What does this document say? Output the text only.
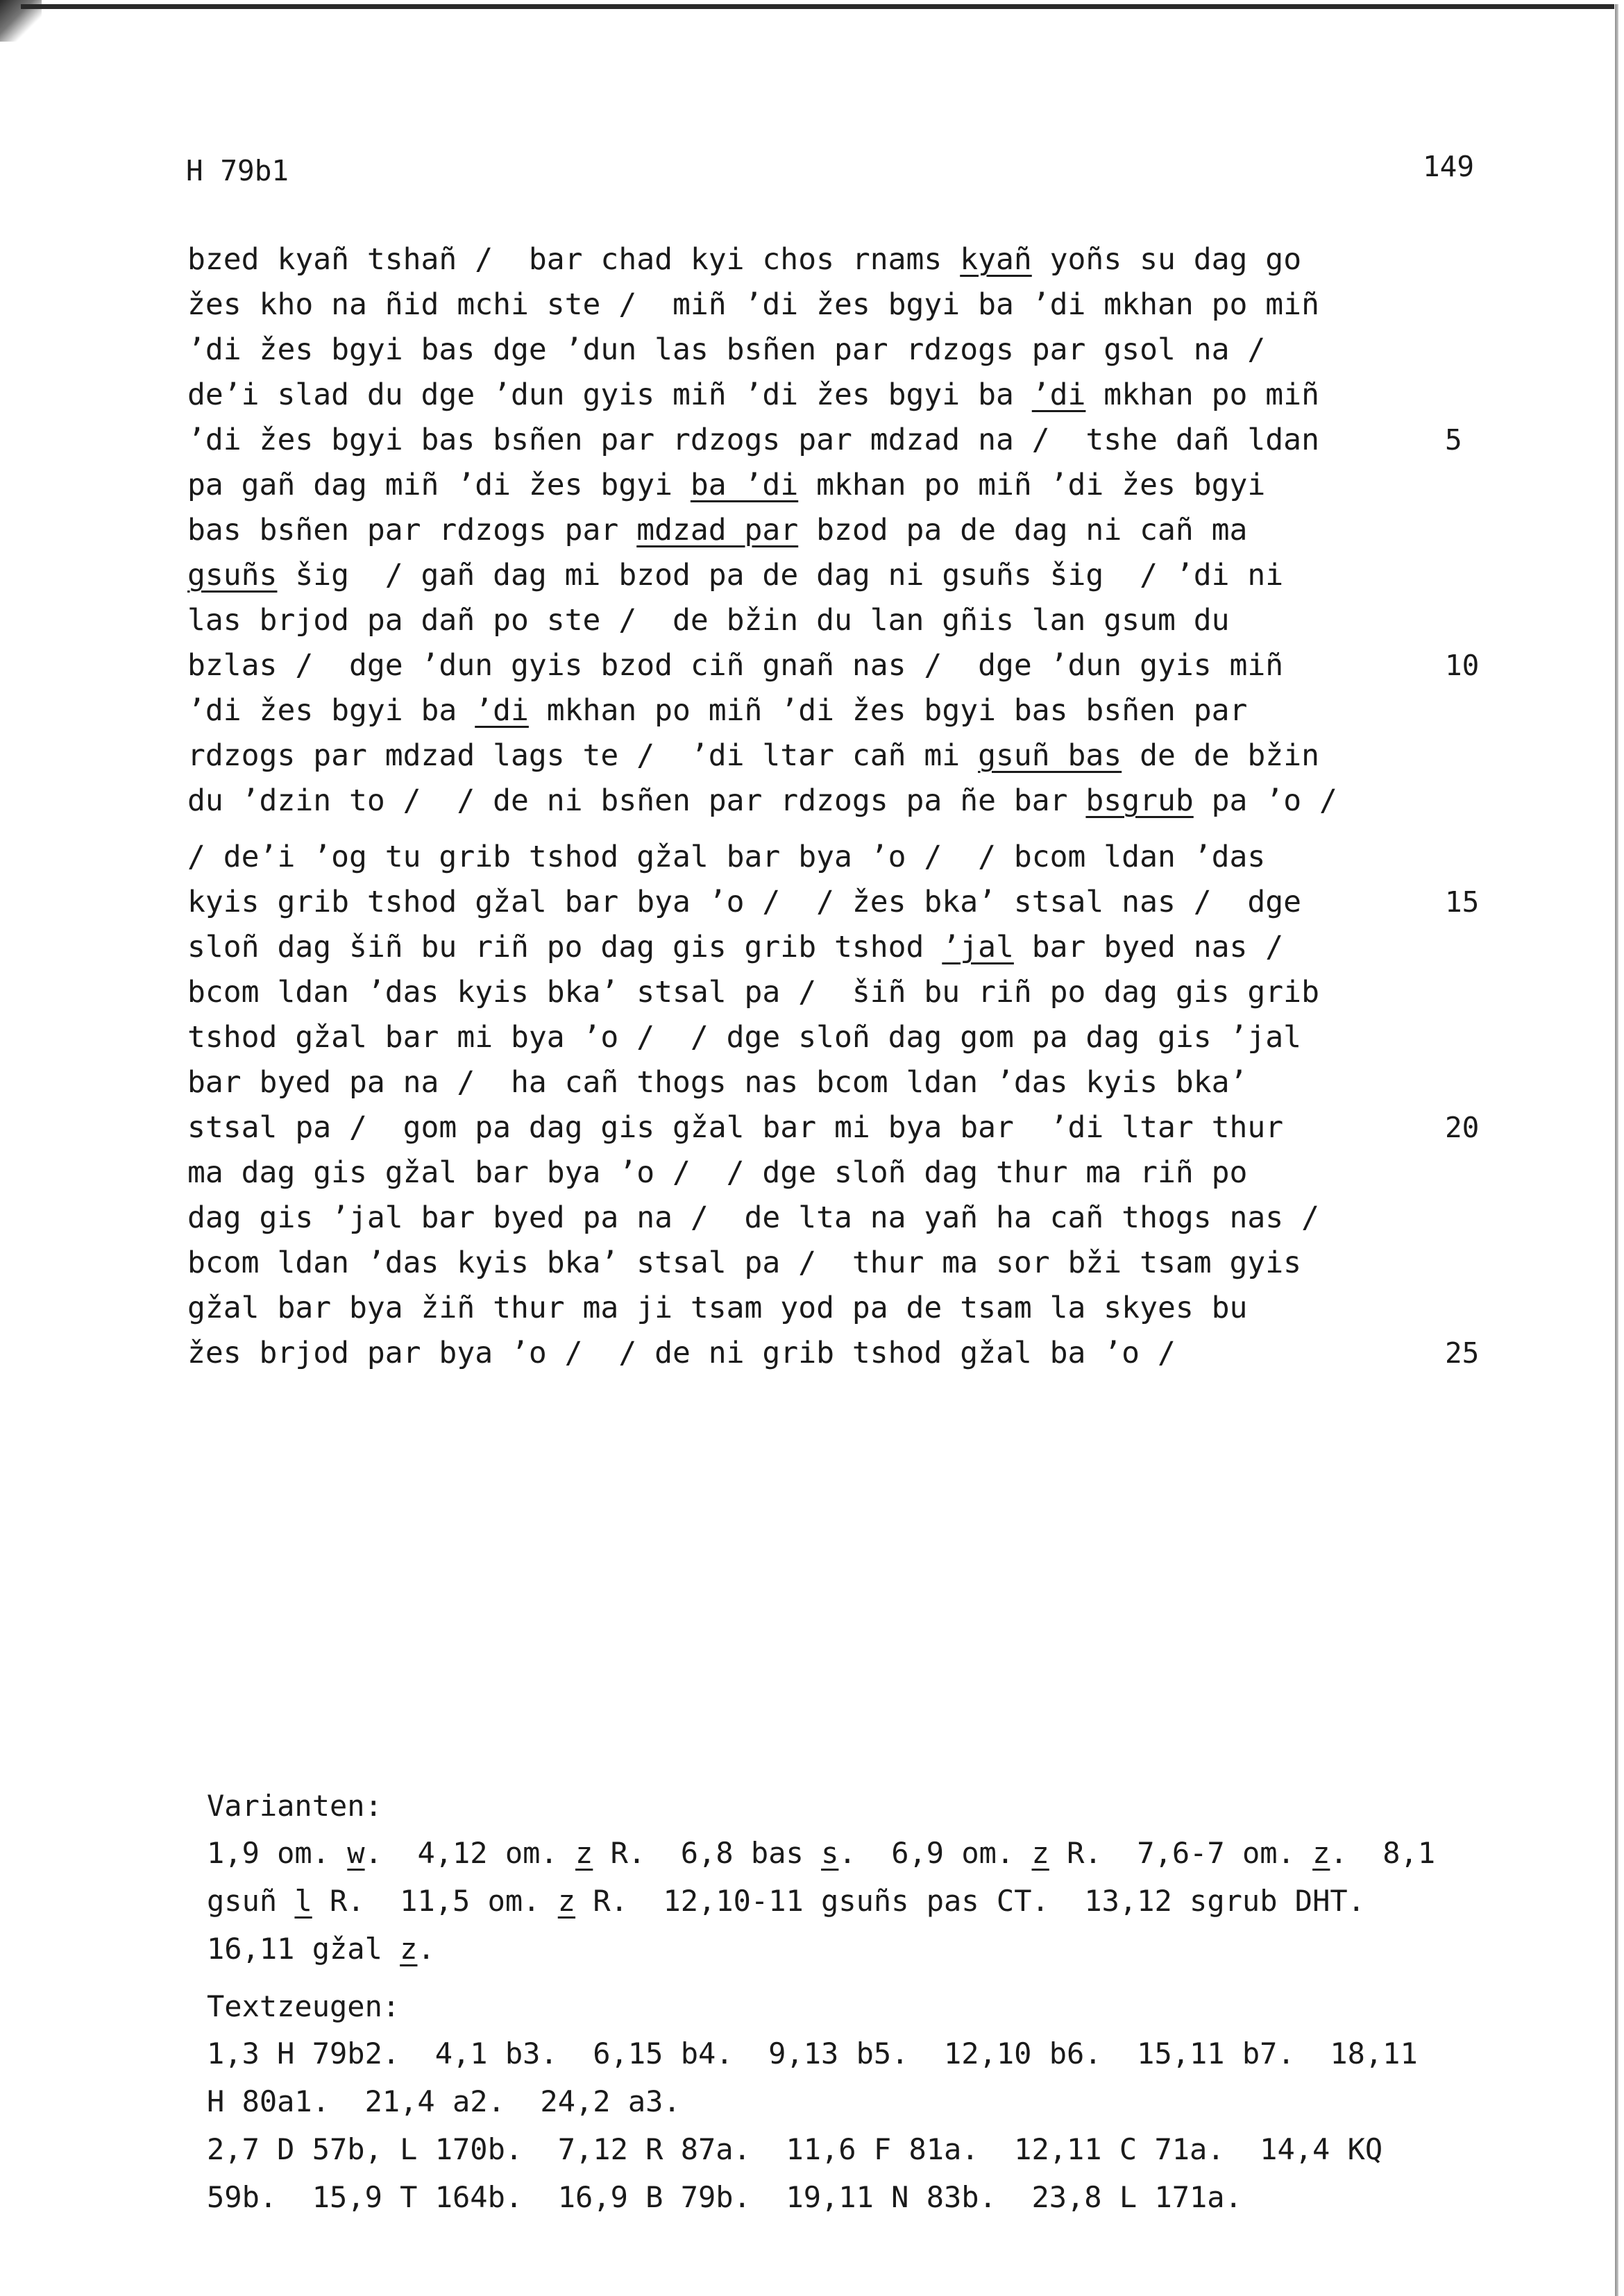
H 79b1	149
bzed kyañ tshañ /  bar chad kyi chos rnams kyañ yoñs su dag go
žes kho na ñid mchi ste /  miñ ’di žes bgyi ba ’di mkhan po miñ
’di žes bgyi bas dge ’dun las bsñen par rdzogs par gsol na /
de’i slad du dge ’dun gyis miñ ’di žes bgyi ba ’di mkhan po miñ
’di žes bgyi bas bsñen par rdzogs par mdzad na /  tshe dañ ldan	5
pa gañ dag miñ ’di žes bgyi ba ’di mkhan po miñ ’di žes bgyi
bas bsñen par rdzogs par mdzad par bzod pa de dag ni cañ ma
gsuñs šig  / gañ dag mi bzod pa de dag ni gsuñs šig  / ’di ni
las brjod pa dañ po ste /  de bžin du lan gñis lan gsum du
bzlas /  dge ’dun gyis bzod ciñ gnañ nas /  dge ’dun gyis miñ	10
’di žes bgyi ba ’di mkhan po miñ ’di žes bgyi bas bsñen par
rdzogs par mdzad lags te /  ’di ltar cañ mi gsuñ bas de de bžin
du ’dzin to /  / de ni bsñen par rdzogs pa ñe bar bsgrub pa ’o /
/ de’i ’og tu grib tshod gžal bar bya ’o /  / bcom ldan ’das
kyis grib tshod gžal bar bya ’o /  / žes bka’ stsal nas /  dge	15
sloñ dag šiñ bu riñ po dag gis grib tshod ’jal bar byed nas /
bcom ldan ’das kyis bka’ stsal pa /  šiñ bu riñ po dag gis grib
tshod gžal bar mi bya ’o /  / dge sloñ dag gom pa dag gis ’jal
bar byed pa na /  ha cañ thogs nas bcom ldan ’das kyis bka’
stsal pa /  gom pa dag gis gžal bar mi bya bar  ’di ltar thur	20
ma dag gis gžal bar bya ’o /  / dge sloñ dag thur ma riñ po
dag gis ’jal bar byed pa na /  de lta na yañ ha cañ thogs nas /
bcom ldan ’das kyis bka’ stsal pa /  thur ma sor bži tsam gyis
gžal bar bya žiñ thur ma ji tsam yod pa de tsam la skyes bu
žes brjod par bya ’o /  / de ni grib tshod gžal ba ’o /	25
Varianten:
1,9 om. w.  4,12 om. z R.  6,8 bas s.  6,9 om. z R.  7,6-7 om. z.  8,1
gsuñ l R.  11,5 om. z R.  12,10-11 gsuñs pas CT.  13,12 sgrub DHT.
16,11 gžal z.
Textzeugen:
1,3 H 79b2.  4,1 b3.  6,15 b4.  9,13 b5.  12,10 b6.  15,11 b7.  18,11
H 80a1.  21,4 a2.  24,2 a3.
2,7 D 57b, L 170b.  7,12 R 87a.  11,6 F 81a.  12,11 C 71a.  14,4 KQ
59b.  15,9 T 164b.  16,9 B 79b.  19,11 N 83b.  23,8 L 171a.
